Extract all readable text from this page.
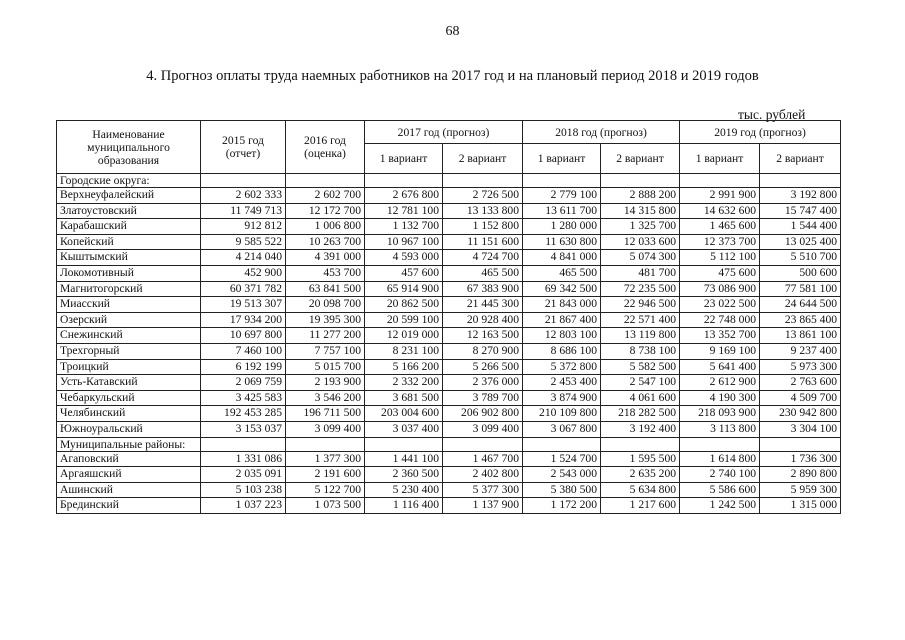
68
4. Прогноз оплаты труда наемных работников на 2017 год и на плановый период 2018 и 2019 годов
тыс. рублей
Наименование муниципального образования	2015 год (отчет)	2016 год (оценка)	2017 год (прогноз)		2018 год (прогноз)		2019 год (прогноз)	
			1 вариант	2 вариант	1 вариант	2 вариант	1 вариант	2 вариант
Городские округа:								
Верхнеуфалейский	2 602 333	2 602 700	2 676 800	2 726 500	2 779 100	2 888 200	2 991 900	3 192 800
Златоустовский	11 749 713	12 172 700	12 781 100	13 133 800	13 611 700	14 315 800	14 632 600	15 747 400
Карабашский	912 812	1 006 800	1 132 700	1 152 800	1 280 000	1 325 700	1 465 600	1 544 400
Копейский	9 585 522	10 263 700	10 967 100	11 151 600	11 630 800	12 033 600	12 373 700	13 025 400
Кыштымский	4 214 040	4 391 000	4 593 000	4 724 700	4 841 000	5 074 300	5 112 100	5 510 700
Локомотивный	452 900	453 700	457 600	465 500	465 500	481 700	475 600	500 600
Магнитогорский	60 371 782	63 841 500	65 914 900	67 383 900	69 342 500	72 235 500	73 086 900	77 581 100
Миасский	19 513 307	20 098 700	20 862 500	21 445 300	21 843 000	22 946 500	23 022 500	24 644 500
Озерский	17 934 200	19 395 300	20 599 100	20 928 400	21 867 400	22 571 400	22 748 000	23 865 400
Снежинский	10 697 800	11 277 200	12 019 000	12 163 500	12 803 100	13 119 800	13 352 700	13 861 100
Трехгорный	7 460 100	7 757 100	8 231 100	8 270 900	8 686 100	8 738 100	9 169 100	9 237 400
Троицкий	6 192 199	5 015 700	5 166 200	5 266 500	5 372 800	5 582 500	5 641 400	5 973 300
Усть-Катавский	2 069 759	2 193 900	2 332 200	2 376 000	2 453 400	2 547 100	2 612 900	2 763 600
Чебаркульский	3 425 583	3 546 200	3 681 500	3 789 700	3 874 900	4 061 600	4 190 300	4 509 700
Челябинский	192 453 285	196 711 500	203 004 600	206 902 800	210 109 800	218 282 500	218 093 900	230 942 800
Южноуральский	3 153 037	3 099 400	3 037 400	3 099 400	3 067 800	3 192 400	3 113 800	3 304 100
Муниципальные районы:								
Агаповский	1 331 086	1 377 300	1 441 100	1 467 700	1 524 700	1 595 500	1 614 800	1 736 300
Аргаяшский	2 035 091	2 191 600	2 360 500	2 402 800	2 543 000	2 635 200	2 740 100	2 890 800
Ашинский	5 103 238	5 122 700	5 230 400	5 377 300	5 380 500	5 634 800	5 586 600	5 959 300
Брединский	1 037 223	1 073 500	1 116 400	1 137 900	1 172 200	1 217 600	1 242 500	1 315 000
